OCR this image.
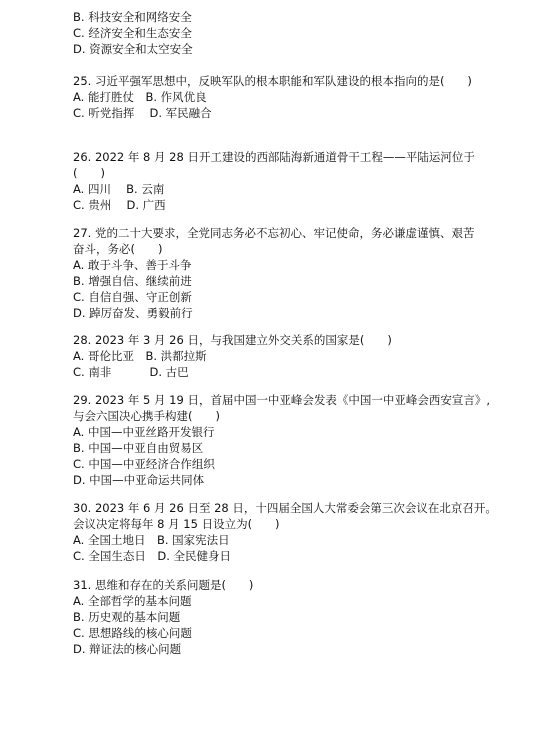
B. 科技安全和网络安全
C. 经济安全和生态安全
D. 资源安全和太空安全
25. 习近平强军思想中，反映军队的根本职能和军队建设的根本指向的是(　　)
A. 能打胜仗　B. 作风优良
C. 听党指挥　 D. 军民融合
26. 2022 年 8 月 28 日开工建设的西部陆海新通道骨干工程——平陆运河位于
(　　)
A. 四川　 B. 云南
C. 贵州　 D. 广西
27. 党的二十大要求，全党同志务必不忘初心、牢记使命，务必谦虚谨慎、艰苦
奋斗，务必(　　)
A. 敢于斗争、善于斗争
B. 增强自信、继续前进
C. 自信自强、守正创新
D. 踔厉奋发、勇毅前行
28. 2023 年 3 月 26 日，与我国建立外交关系的国家是(　　)
A. 哥伦比亚　B. 洪都拉斯
C. 南非　　　 D. 古巴
29. 2023 年 5 月 19 日，首届中国一中亚峰会发表《中国一中亚峰会西安宣言》,
与会六国决心携手构建(　　)
A. 中国—中亚丝路开发银行
B. 中国—中亚自由贸易区
C. 中国—中亚经济合作组织
D. 中国—中亚命运共同体
30. 2023 年 6 月 26 日至 28 日，十四届全国人大常委会第三次会议在北京召开。
会议决定将每年 8 月 15 日设立为(　　)
A. 全国土地日　B. 国家宪法日
C. 全国生态日　D. 全民健身日
31. 思维和存在的关系问题是(　　)
A. 全部哲学的基本问题
B. 历史观的基本问题
C. 思想路线的核心问题
D. 辩证法的核心问题
